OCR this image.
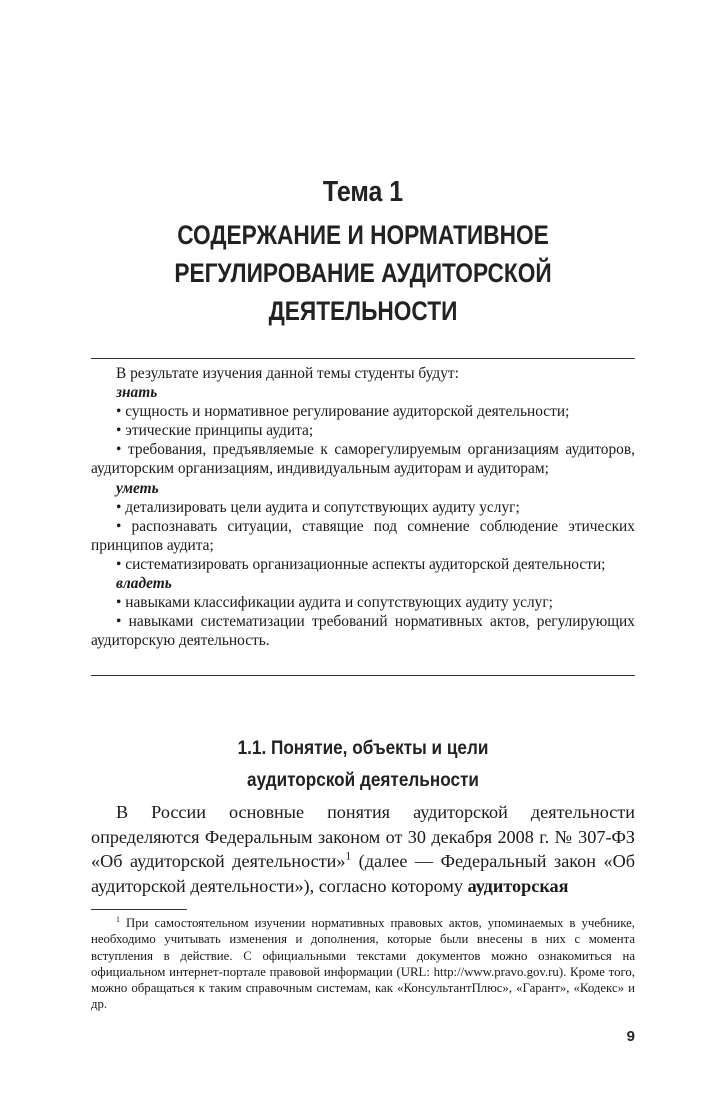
Тема 1
СОДЕРЖАНИЕ И НОРМАТИВНОЕ
РЕГУЛИРОВАНИЕ АУДИТОРСКОЙ
ДЕЯТЕЛЬНОСТИ

В результате изучения данной темы студенты будут:

знать

• сущность и нормативное регулирование аудиторской деятельности;

• этические принципы аудита;

• требования, предъявляемые к саморегулируемым организациям аудиторов, аудиторским организациям, индивидуальным аудиторам и аудиторам;

уметь

• детализировать цели аудита и сопутствующих аудиту услуг;

• распознавать ситуации, ставящие под сомнение соблюдение этических принципов аудита;

• систематизировать организационные аспекты аудиторской деятельности;

владеть

• навыками классификации аудита и сопутствующих аудиту услуг;

• навыками систематизации требований нормативных актов, регулирующих аудиторскую деятельность.

1.1. Понятие, объекты и цели
аудиторской деятельности

В России основные понятия аудиторской деятельности определяются Федеральным законом от 30 декабря 2008 г. № 307-ФЗ «Об аудиторской деятельности»$^1$ (далее — Федеральный закон «Об аудиторской деятельности»), согласно которому аудиторская

$^1$ При самостоятельном изучении нормативных правовых актов, упоминаемых в учебнике, необходимо учитывать изменения и дополнения, которые были внесены в них с момента вступления в действие. С официальными текстами документов можно ознакомиться на официальном интернет-портале правовой информации (URL: http://www.pravo.gov.ru). Кроме того, можно обращаться к таким справочным системам, как «КонсультантПлюс», «Гарант», «Кодекс» и др.

9
